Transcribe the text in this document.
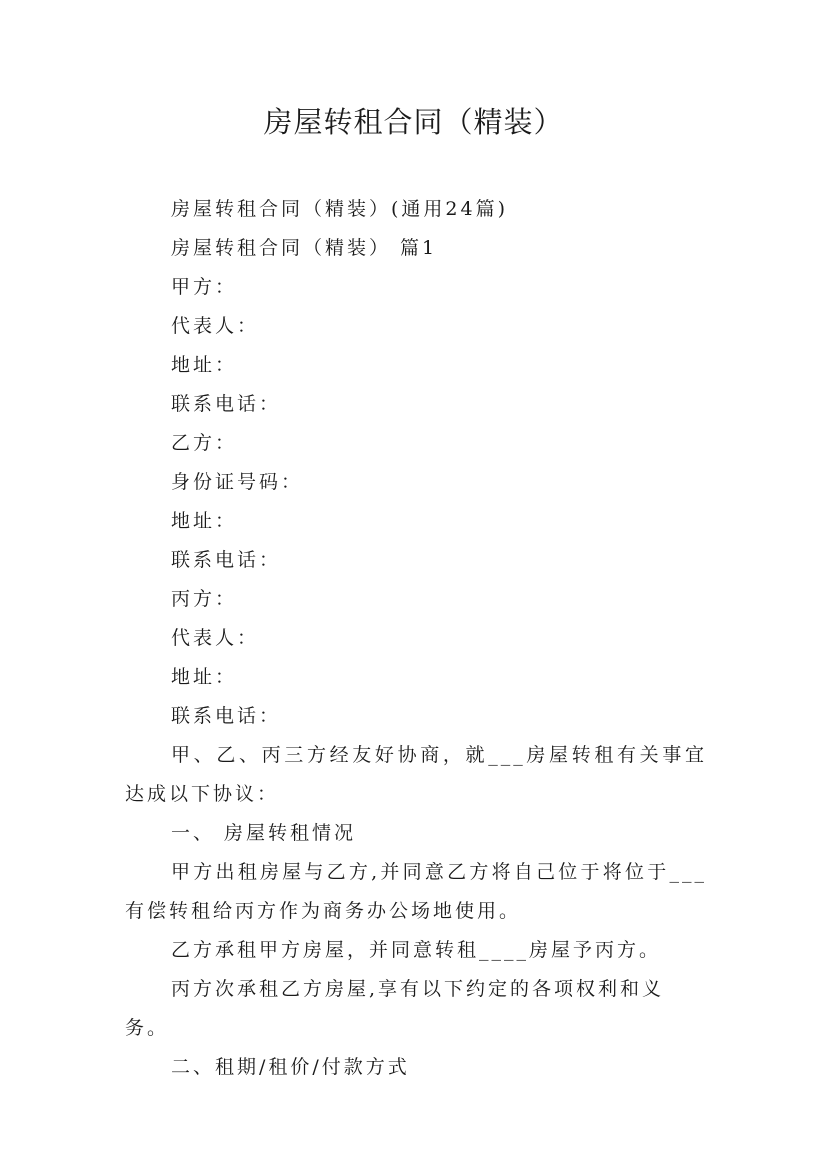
房屋转租合同（精装）

房屋转租合同（精装）(通用24篇)

房屋转租合同（精装） 篇1

甲方：

代表人：

地址：

联系电话：

乙方：

身份证号码：

地址：

联系电话：

丙方：

代表人：

地址：

联系电话：

甲、乙、丙三方经友好协商，就___房屋转租有关事宜达成以下协议：

一、 房屋转租情况

甲方出租房屋与乙方,并同意乙方将自己位于将位于___有偿转租给丙方作为商务办公场地使用。

乙方承租甲方房屋，并同意转租____房屋予丙方。

丙方次承租乙方房屋,享有以下约定的各项权利和义务。

二、租期/租价/付款方式
